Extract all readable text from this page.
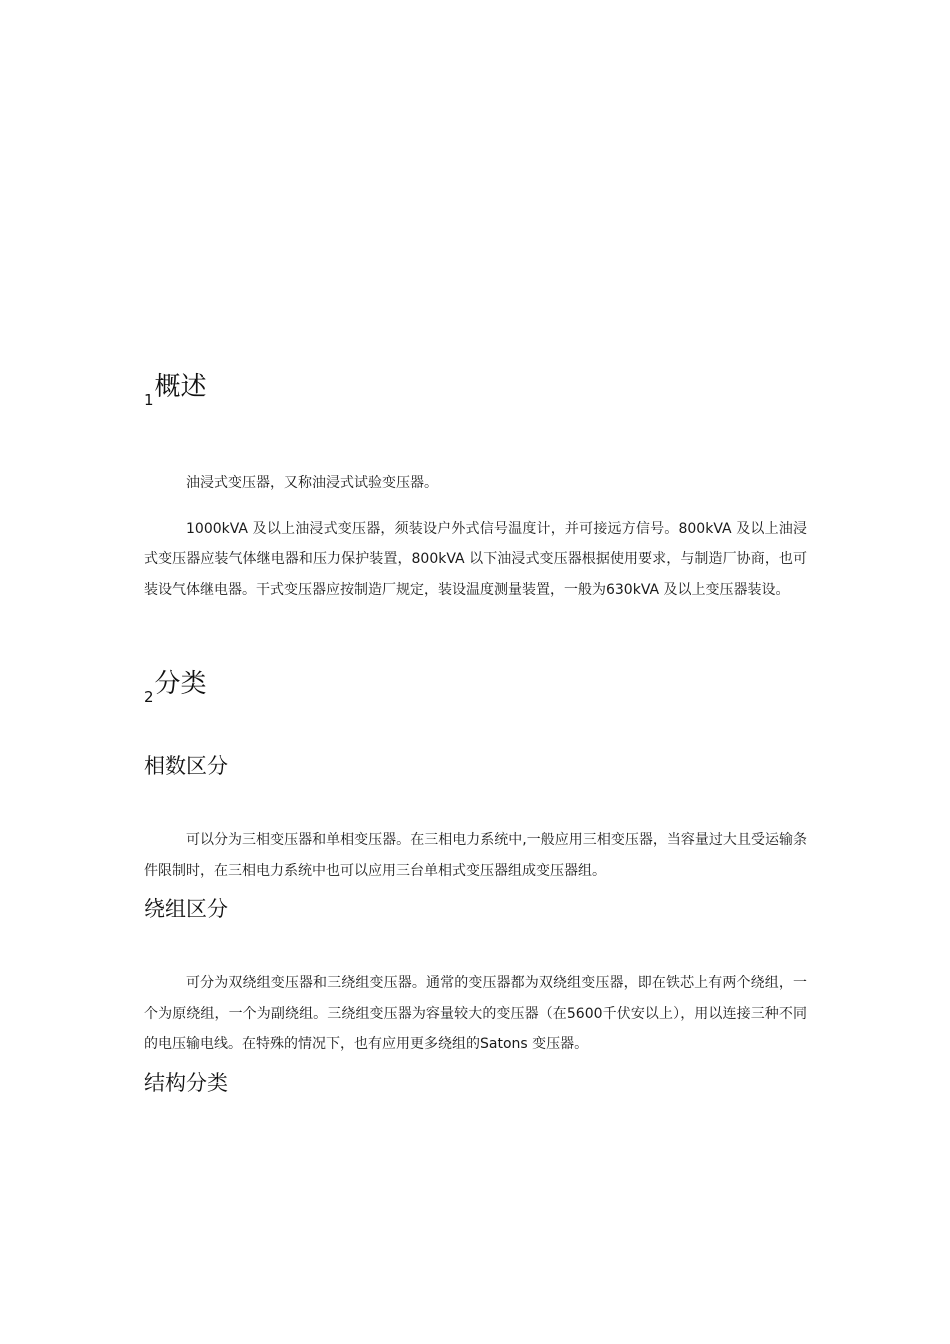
$_1$概述

油浸式变压器，又称油浸式试验变压器。

1000kVA 及以上油浸式变压器，须装设户外式信号温度计，并可接远方信号。800kVA 及以上油浸式变压器应装气体继电器和压力保护装置，800kVA 以下油浸式变压器根据使用要求，与制造厂协商，也可装设气体继电器。干式变压器应按制造厂规定，装设温度测量装置，一般为630kVA 及以上变压器装设。

$_2$分类
相数区分

可以分为三相变压器和单相变压器。在三相电力系统中,一般应用三相变压器，当容量过大且受运输条件限制时，在三相电力系统中也可以应用三台单相式变压器组成变压器组。

绕组区分

可分为双绕组变压器和三绕组变压器。通常的变压器都为双绕组变压器，即在铁芯上有两个绕组，一个为原绕组，一个为副绕组。三绕组变压器为容量较大的变压器（在5600千伏安以上），用以连接三种不同的电压输电线。在特殊的情况下，也有应用更多绕组的Satons 变压器。

结构分类
